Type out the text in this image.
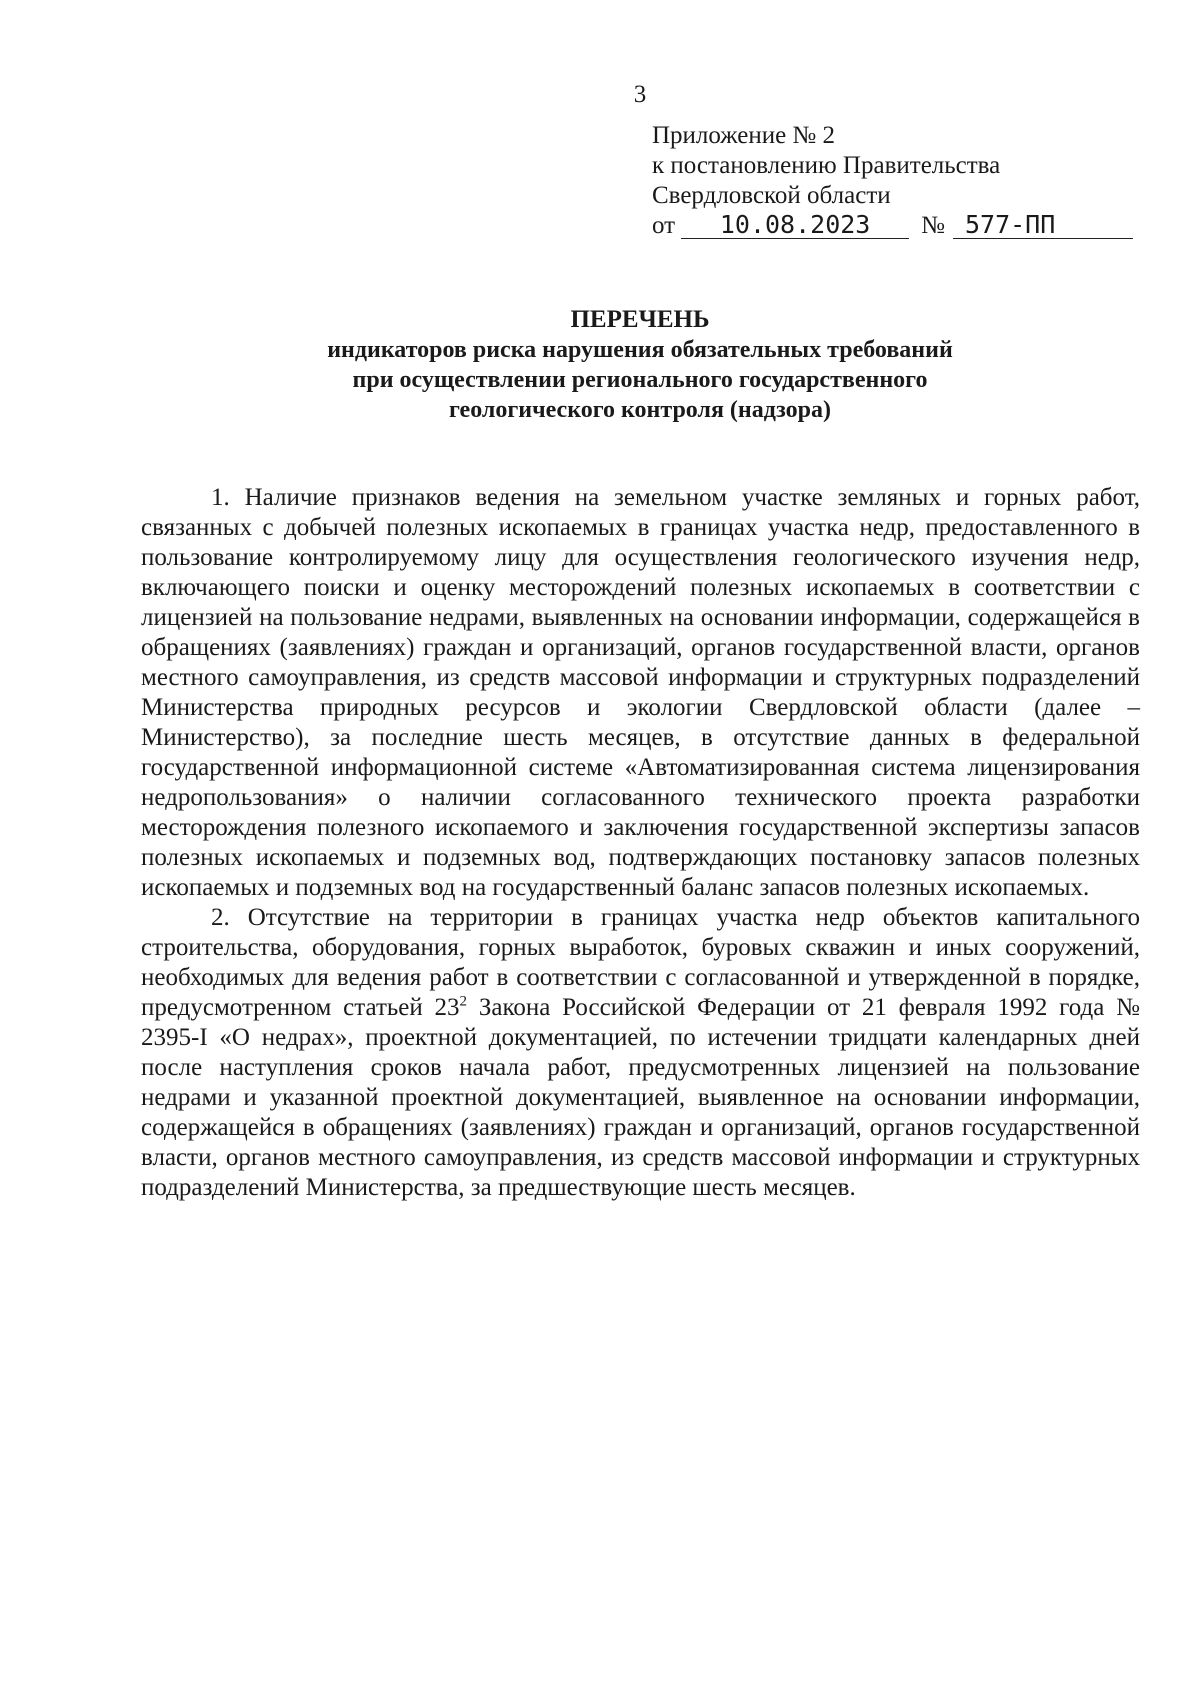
3
Приложение № 2
к постановлению Правительства
Свердловской области
от	10.08.2023	№ 577-ПП
ПЕРЕЧЕНЬ
индикаторов риска нарушения обязательных требований
при осуществлении регионального государственного
геологического контроля (надзора)

1. Наличие признаков ведения на земельном участке земляных и горных работ, связанных с добычей полезных ископаемых в границах участка недр, предоставленного в пользование контролируемому лицу для осуществления геологического изучения недр, включающего поиски и оценку месторождений полезных ископаемых в соответствии с лицензией на пользование недрами, выявленных на основании информации, содержащейся в обращениях (заявлениях) граждан и организаций, органов государственной власти, органов местного самоуправления, из средств массовой информации и структурных подразделений Министерства природных ресурсов и экологии Свердловской области (далее – Министерство), за последние шесть месяцев, в отсутствие данных в федеральной государственной информационной системе «Автоматизированная система лицензирования недропользования» о наличии согласованного технического проекта разработки месторождения полезного ископаемого и заключения государственной экспертизы запасов полезных ископаемых и подземных вод, подтверждающих постановку запасов полезных ископаемых и подземных вод на государственный баланс запасов полезных ископаемых.

2. Отсутствие на территории в границах участка недр объектов капитального строительства, оборудования, горных выработок, буровых скважин и иных сооружений, необходимых для ведения работ в соответствии с согласованной и утвержденной в порядке, предусмотренном статьей $23^2$ Закона Российской Федерации от 21 февраля 1992 года № 2395-I «О недрах», проектной документацией, по истечении тридцати календарных дней после наступления сроков начала работ, предусмотренных лицензией на пользование недрами и указанной проектной документацией, выявленное на основании информации, содержащейся в обращениях (заявлениях) граждан и организаций, органов государственной власти, органов местного самоуправления, из средств массовой информации и структурных подразделений Министерства, за предшествующие шесть месяцев.
